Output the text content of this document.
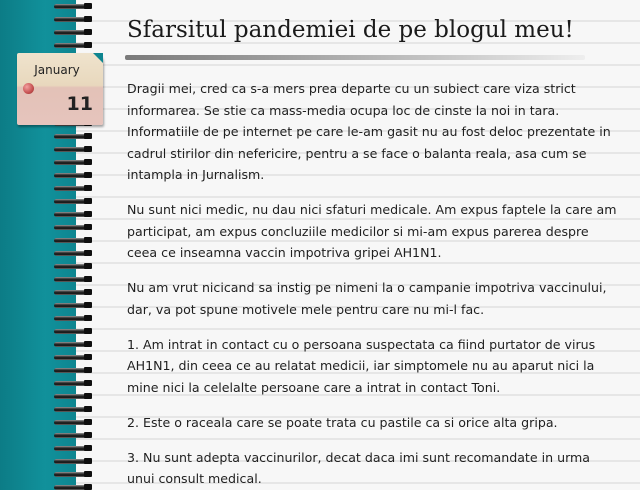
January
11
Sfarsitul pandemiei de pe blogul meu!

Dragii mei, cred ca s-a mers prea departe cu un subiect care viza strict informarea. Se stie ca mass-media ocupa loc de cinste la noi in tara. Informatiile de pe internet pe care le-am gasit nu au fost deloc prezentate in cadrul stirilor din nefericire, pentru a se face o balanta reala, asa cum se intampla in Jurnalism.

Nu sunt nici medic, nu dau nici sfaturi medicale. Am expus faptele la care am participat, am expus concluziile medicilor si mi-am expus parerea despre ceea ce inseamna vaccin impotriva gripei AH1N1.

Nu am vrut nicicand sa instig pe nimeni la o campanie impotriva vaccinului, dar, va pot spune motivele mele pentru care nu mi-l fac.

1. Am intrat in contact cu o persoana suspectata ca fiind purtator de virus AH1N1, din ceea ce au relatat medicii, iar simptomele nu au aparut nici la mine nici la celelalte persoane care a intrat in contact Toni.

2. Este o raceala care se poate trata cu pastile ca si orice alta gripa.

3. Nu sunt adepta vaccinurilor, decat daca imi sunt recomandate in urma unui consult medical.
